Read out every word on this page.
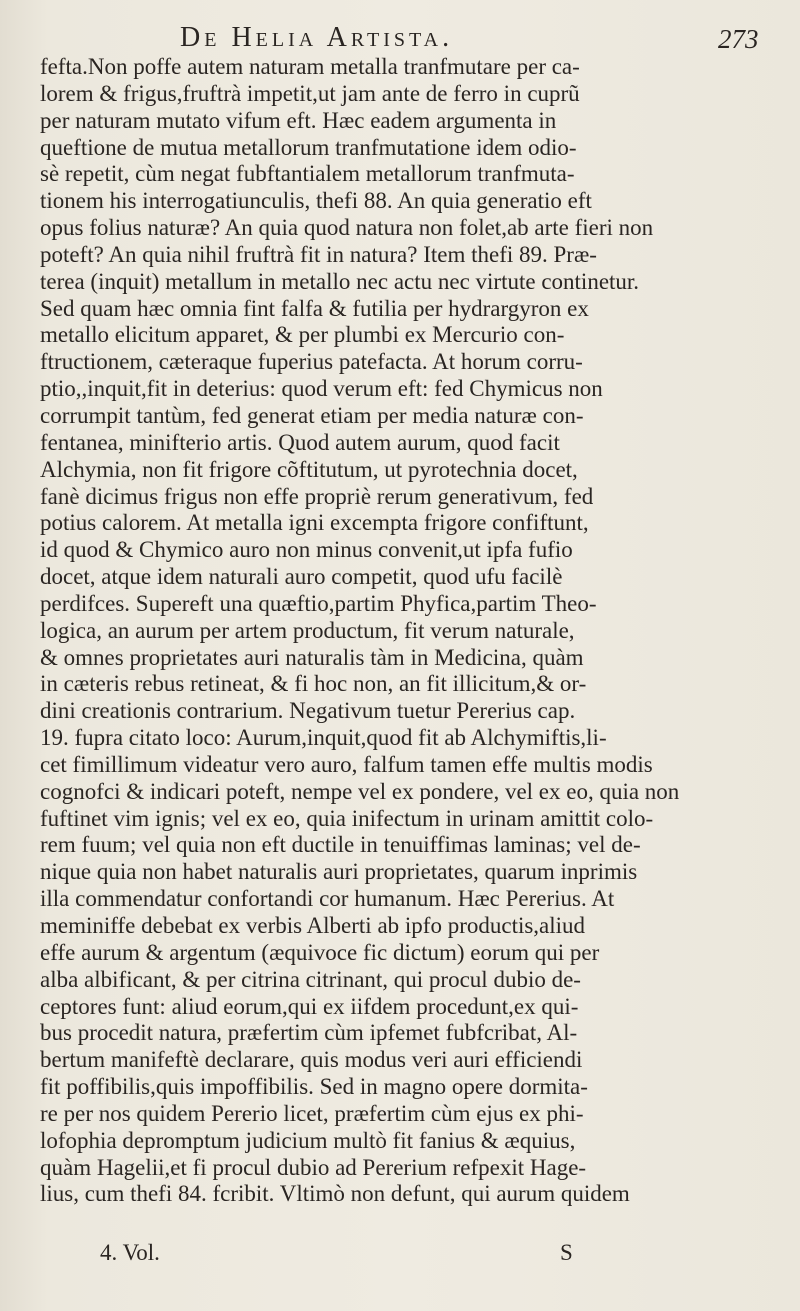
De Helia Artista.	273
fefta.Non poffe autem naturam metalla tranfmutare per ca-
lorem & frigus,fruftrà impetit,ut jam ante de ferro in cuprũ
per naturam mutato vifum eft. Hæc eadem argumenta in
queftione de mutua metallorum tranfmutatione idem odio-
sè repetit, cùm negat fubftantialem metallorum tranfmuta-
tionem his interrogatiunculis, thefi 88. An quia generatio eft
opus folius naturæ? An quia quod natura non folet,ab arte fieri non
poteft? An quia nihil fruftrà fit in natura? Item thefi 89. Præ-
terea (inquit) metallum in metallo nec actu nec virtute continetur.
Sed quam hæc omnia fint falfa & futilia per hydrargyron ex
metallo elicitum apparet, & per plumbi ex Mercurio con-
ftructionem, cæteraque fuperius patefacta. At horum corru-
ptio,,inquit,fit in deterius: quod verum eft: fed Chymicus non
corrumpit tantùm, fed generat etiam per media naturæ con-
fentanea, minifterio artis. Quod autem aurum, quod facit
Alchymia, non fit frigore cõftitutum, ut pyrotechnia docet,
fanè dicimus frigus non effe propriè rerum generativum, fed
potius calorem. At metalla igni excempta frigore confiftunt,
id quod & Chymico auro non minus convenit,ut ipfa fufio
docet, atque idem naturali auro competit, quod ufu facilè
perdifces. Supereft una quæftio,partim Phyfica,partim Theo-
logica, an aurum per artem productum, fit verum naturale,
& omnes proprietates auri naturalis tàm in Medicina, quàm
in cæteris rebus retineat, & fi hoc non, an fit illicitum,& or-
dini creationis contrarium. Negativum tuetur Pererius cap.
19. fupra citato loco: Aurum,inquit,quod fit ab Alchymiftis,li-
cet fimillimum videatur vero auro, falfum tamen effe multis modis
cognofci & indicari poteft, nempe vel ex pondere, vel ex eo, quia non
fuftinet vim ignis; vel ex eo, quia inifectum in urinam amittit colo-
rem fuum; vel quia non eft ductile in tenuiffimas laminas; vel de-
nique quia non habet naturalis auri proprietates, quarum inprimis
illa commendatur confortandi cor humanum. Hæc Pererius. At
meminiffe debebat ex verbis Alberti ab ipfo productis,aliud
effe aurum & argentum (æquivoce fic dictum) eorum qui per
alba albificant, & per citrina citrinant, qui procul dubio de-
ceptores funt: aliud eorum,qui ex iifdem procedunt,ex qui-
bus procedit natura, præfertim cùm ipfemet fubfcribat, Al-
bertum manifeftè declarare, quis modus veri auri efficiendi
fit poffibilis,quis impoffibilis. Sed in magno opere dormita-
re per nos quidem Pererio licet, præfertim cùm ejus ex phi-
lofophia depromptum judicium multò fit fanius & æquius,
quàm Hagelii,et fi procul dubio ad Pererium refpexit Hage-
lius, cum thefi 84. fcribit. Vltimò non defunt, qui aurum quidem
4. Vol.	S
